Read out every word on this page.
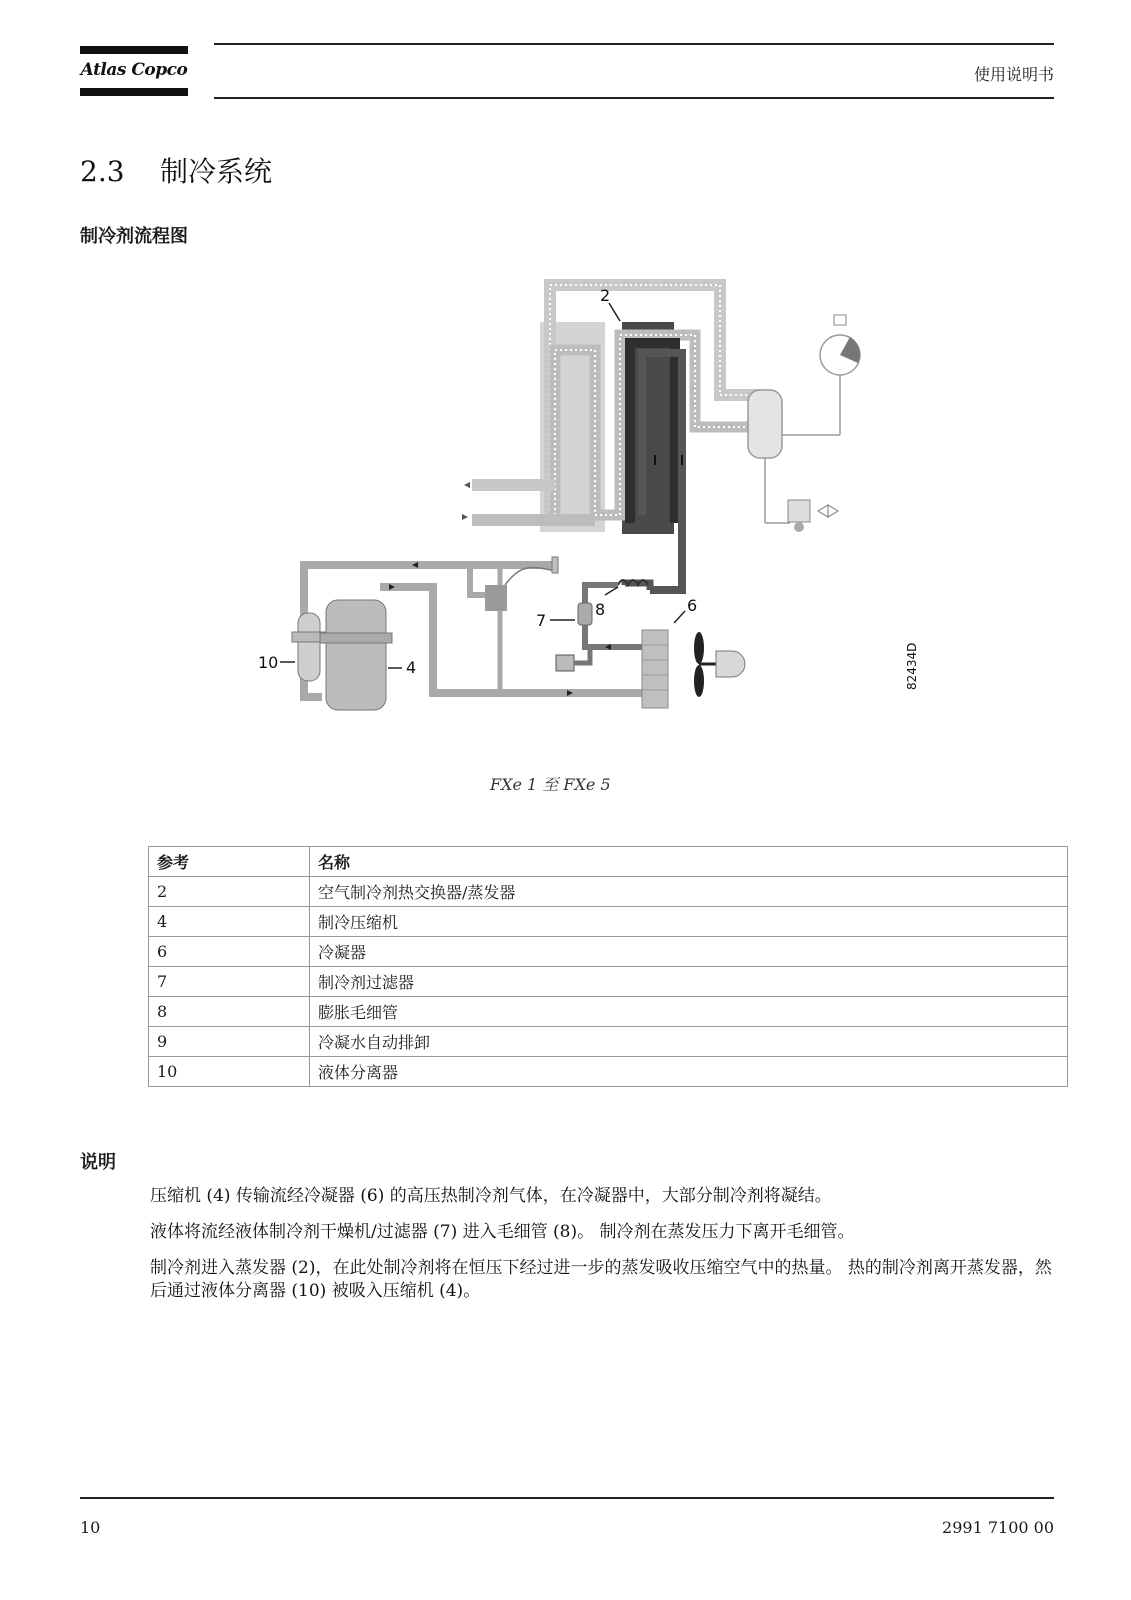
Atlas Copco	使用说明书
2.3 制冷系统
制冷剂流程图
2
6
7
8
10	4	82434D
FXe 1 至 FXe 5
参考	名称
2	空气制冷剂热交换器/蒸发器
4	制冷压缩机
6	冷凝器
7	制冷剂过滤器
8	膨胀毛细管
9	冷凝水自动排卸
10	液体分离器
说明
压缩机 (4) 传输流经冷凝器 (6) 的高压热制冷剂气体，在冷凝器中，大部分制冷剂将凝结。
液体将流经液体制冷剂干燥机/过滤器 (7) 进入毛细管 (8)。 制冷剂在蒸发压力下离开毛细管。
制冷剂进入蒸发器 (2)，在此处制冷剂将在恒压下经过进一步的蒸发吸收压缩空气中的热量。 热的制冷剂离开蒸发器，然后通过液体分离器 (10) 被吸入压缩机 (4)。
10	2991 7100 00
